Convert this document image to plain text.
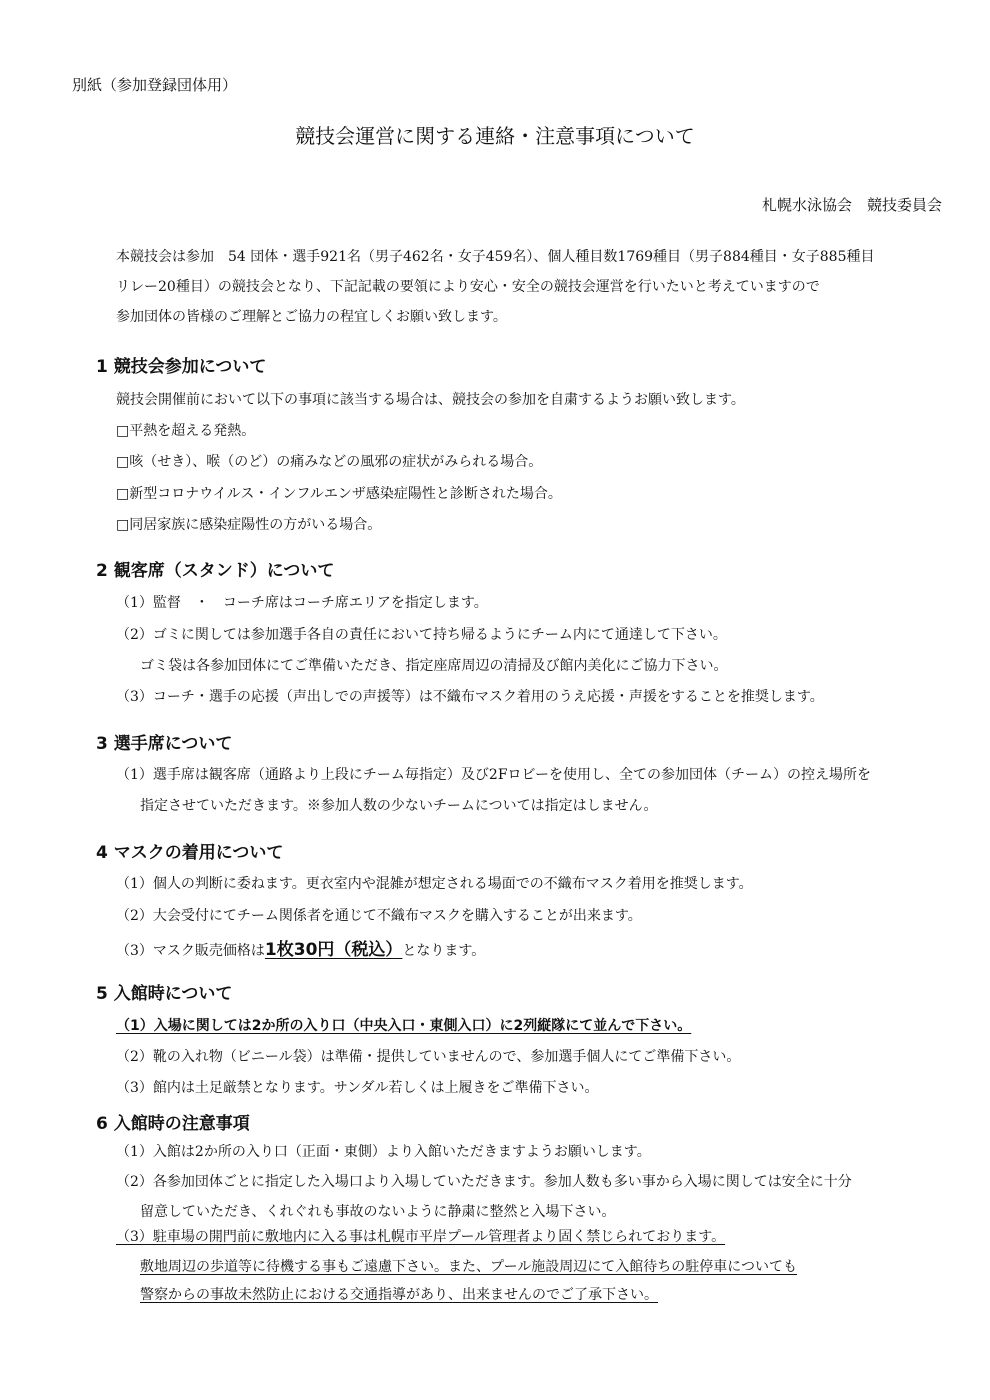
別紙（参加登録団体用）
競技会運営に関する連絡・注意事項について
札幌水泳協会　競技委員会
本競技会は参加　54 団体・選手921名（男子462名・女子459名）、個人種目数1769種目（男子884種目・女子885種目
リレー20種目）の競技会となり、下記記載の要領により安心・安全の競技会運営を行いたいと考えていますので
参加団体の皆様のご理解とご協力の程宜しくお願い致します。
1 競技会参加について
競技会開催前において以下の事項に該当する場合は、競技会の参加を自粛するようお願い致します。
□平熱を超える発熱。
□咳（せき）、喉（のど）の痛みなどの風邪の症状がみられる場合。
□新型コロナウイルス・インフルエンザ感染症陽性と診断された場合。
□同居家族に感染症陽性の方がいる場合。
2 観客席（スタンド）について
（1）監督　・　コーチ席はコーチ席エリアを指定します。
（2）ゴミに関しては参加選手各自の責任において持ち帰るようにチーム内にて通達して下さい。
ゴミ袋は各参加団体にてご準備いただき、指定座席周辺の清掃及び館内美化にご協力下さい。
（3）コーチ・選手の応援（声出しでの声援等）は不織布マスク着用のうえ応援・声援をすることを推奨します。
3 選手席について
（1）選手席は観客席（通路より上段にチーム毎指定）及び2Fロビーを使用し、全ての参加団体（チーム）の控え場所を
指定させていただきます。※参加人数の少ないチームについては指定はしません。
4 マスクの着用について
（1）個人の判断に委ねます。更衣室内や混雑が想定される場面での不織布マスク着用を推奨します。
（2）大会受付にてチーム関係者を通じて不織布マスクを購入することが出来ます。
（3）マスク販売価格は1枚30円（税込）となります。
5 入館時について
（1）入場に関しては2か所の入り口（中央入口・東側入口）に2列縦隊にて並んで下さい。
（2）靴の入れ物（ビニール袋）は準備・提供していませんので、参加選手個人にてご準備下さい。
（3）館内は土足厳禁となります。サンダル若しくは上履きをご準備下さい。
6 入館時の注意事項
（1）入館は2か所の入り口（正面・東側）より入館いただきますようお願いします。
（2）各参加団体ごとに指定した入場口より入場していただきます。参加人数も多い事から入場に関しては安全に十分
留意していただき、くれぐれも事故のないように静粛に整然と入場下さい。
（3）駐車場の開門前に敷地内に入る事は札幌市平岸プール管理者より固く禁じられております。
敷地周辺の歩道等に待機する事もご遠慮下さい。また、プール施設周辺にて入館待ちの駐停車についても
警察からの事故未然防止における交通指導があり、出来ませんのでご了承下さい。
